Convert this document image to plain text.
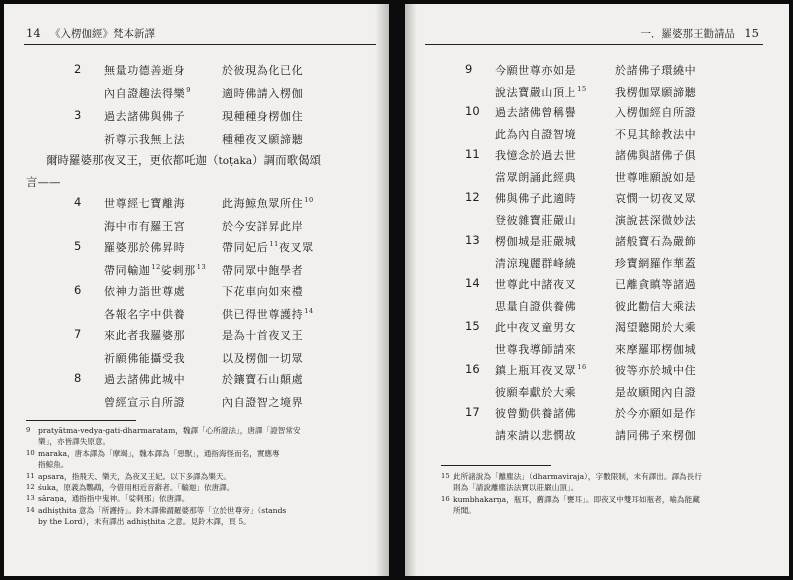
14 《入楞伽經》梵本新譯
2 無量功德善逝身	於彼現為化已化
內自證趣法得樂$^9$	適時佛請入楞伽
3 過去諸佛與佛子	現種種身楞伽住
祈尊示我無上法	種種夜叉願諦聽
爾時羅婆那夜叉王，更依都吒迦（toṭaka）調而歌偈頌
言——
4 世尊經七寶離海	此海鯨魚眾所住$^{10}$
海中市有羅王宮	於今安詳昇此岸
5 羅婆那於佛昇時	帶同妃后$^{11}$夜叉眾
帶同輸迦$^{12}$娑剌那$^{13}$ 帶同眾中飽學者
6 依神力詣世尊處	下花車向如來禮
各報名字中供養	供已得世尊護持$^{14}$
7 來此者我羅婆那	是為十首夜叉王
祈願佛能攝受我	以及楞伽一切眾
8 過去諸佛此城中	於鑲寶石山顛處
曾經宣示自所證	內自證智之境界
9 pratyātma-vedya-gati-dharmaratam，魏譯「心所證法」，唐譯「證智常安
樂」，亦皆譯失原意。
10 maraka，唐本譯為「摩竭」，魏本譯為「惡獸」，通指海怪而名，實應專
指鯨魚。
11 apsara，指飛天、樂天，為夜叉王妃。以下多譯為樂天。
12 śuka，原義為鸚鵡，今借用相近音辭者。「輸迦」依唐譯。
13 sāraṇa，通指指中鬼神。「娑剌那」依唐譯。
14 adhiṣṭhita 意為「所護持」。鈴木譯佛謂羅婆那等「立於世尊旁」（stands
by the Lord），未有譯出 adhiṣṭhita 之意。見鈴木譯，頁 5。
一．羅婆那王勸請品 15
9 今願世尊亦如是	於諸佛子環繞中
說法寶嚴山頂上$^{15}$	我楞伽眾願諦聽
10 過去諸佛曾稱譽	入楞伽經自所證
此為內自證智境	不見其餘教法中
11 我憶念於過去世	諸佛與諸佛子俱
當眾朗誦此經典	世尊唯願說如是
12 佛與佛子此適時	哀憫一切夜叉眾
登彼雜寶莊嚴山	演說甚深微妙法
13 楞伽城是莊嚴城	諸般寶石為嚴飾
清涼瑰麗群峰繞	珍寶網羅作華蓋
14 世尊此中諸夜叉	已離貪瞋等諸過
思量自證供養佛	彼此勸信大乘法
15 此中夜叉童男女	渴望聽聞於大乘
世尊我導師請來	來摩羅耶楞伽城
16 鎮上瓶耳夜叉眾$^{16}$	彼等亦於城中住
彼願奉獻於大乘	是故願聞內自證
17 彼曾勤供養諸佛	於今亦願如是作
請來請以悲憫故	請同佛子來楞伽
15 此所諸說為「離塵法」（dharmaviraja），字數限制，未有譯出。譯為長行
則為「請說離塵法法寶以莊嚴山頂」。
16 kumbhakarṇa，瓶耳，舊譯為「甕耳」。即夜叉中雙耳如瓶者，喻為能藏
所聞。
